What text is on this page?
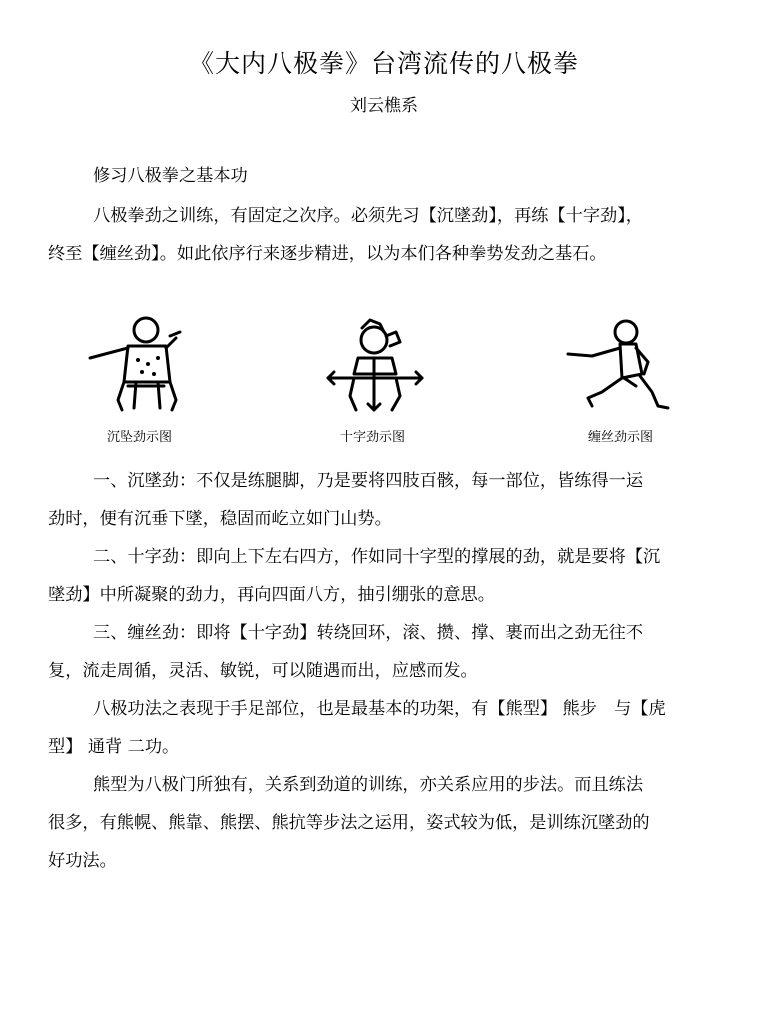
《大内八极拳》台湾流传的八极拳
刘云樵系
修习八极拳之基本功
八极拳劲之训练，有固定之次序。必须先习【沉墜劲】，再练【十字劲】，
终至【缠丝劲】。如此依序行来逐步精进，以为本们各种拳势发劲之基石。
沉坠劲示图	十字劲示图	缠丝劲示图
一、沉墜劲：不仅是练腿脚，乃是要将四肢百骸，每一部位，皆练得一运
劲时，便有沉垂下墜，稳固而屹立如门山势。
二、十字劲：即向上下左右四方，作如同十字型的撑展的劲，就是要将【沉
墜劲】中所凝聚的劲力，再向四面八方，抽引绷张的意思。
三、缠丝劲：即将【十字劲】转绕回环，滚、攒、撑、裹而出之劲无往不
复，流走周循，灵活、敏锐，可以随遇而出，应感而发。
八极功法之表现于手足部位，也是最基本的功架，有【熊型】 熊步　与【虎
型】 通背 二功。
熊型为八极门所独有，关系到劲道的训练，亦关系应用的步法。而且练法
很多，有熊幌、熊靠、熊摆、熊抗等步法之运用，姿式较为低，是训练沉墜劲的
好功法。
